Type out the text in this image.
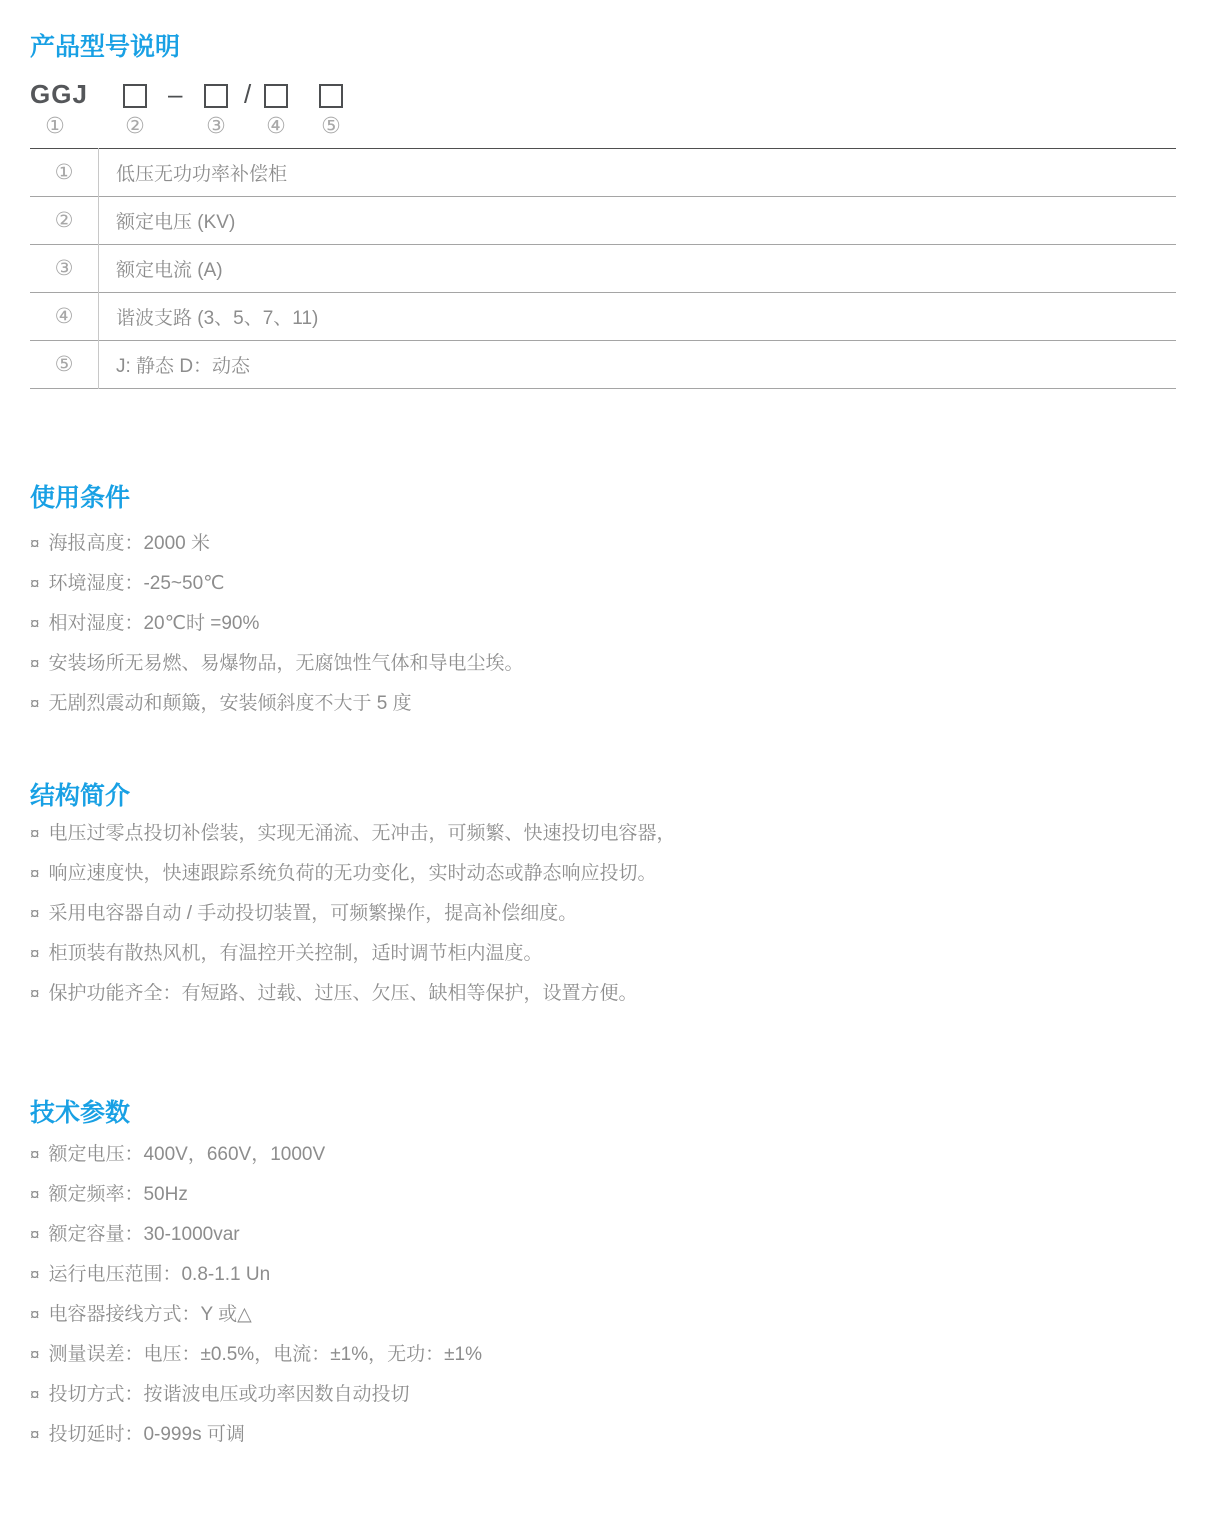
产品型号说明
GGJ	– /
①	②	③ ④ ⑤
①	低压无功功率补偿柜
②	额定电压 (KV)
③	额定电流 (A)
④	谐波支路 (3、5、7、11)
⑤	J: 静态 D：动态
使用条件
¤ 海报高度：2000 米
¤ 环境湿度：-25~50℃
¤ 相对湿度：20℃时 =90%
¤ 安装场所无易燃、易爆物品，无腐蚀性气体和导电尘埃。
¤ 无剧烈震动和颠簸，安装倾斜度不大于 5 度
结构简介
¤ 电压过零点投切补偿装，实现无涌流、无冲击，可频繁、快速投切电容器，
¤ 响应速度快，快速跟踪系统负荷的无功变化，实时动态或静态响应投切。
¤ 采用电容器自动 / 手动投切装置，可频繁操作，提高补偿细度。
¤ 柜顶装有散热风机，有温控开关控制，适时调节柜内温度。
¤ 保护功能齐全：有短路、过载、过压、欠压、缺相等保护，设置方便。
技术参数
¤ 额定电压：400V，660V，1000V
¤ 额定频率：50Hz
¤ 额定容量：30-1000var
¤ 运行电压范围：0.8-1.1 Un
¤ 电容器接线方式：Y 或△
¤ 测量误差：电压：±0.5%，电流：±1%，无功：±1%
¤ 投切方式：按谐波电压或功率因数自动投切
¤ 投切延时：0-999s 可调
